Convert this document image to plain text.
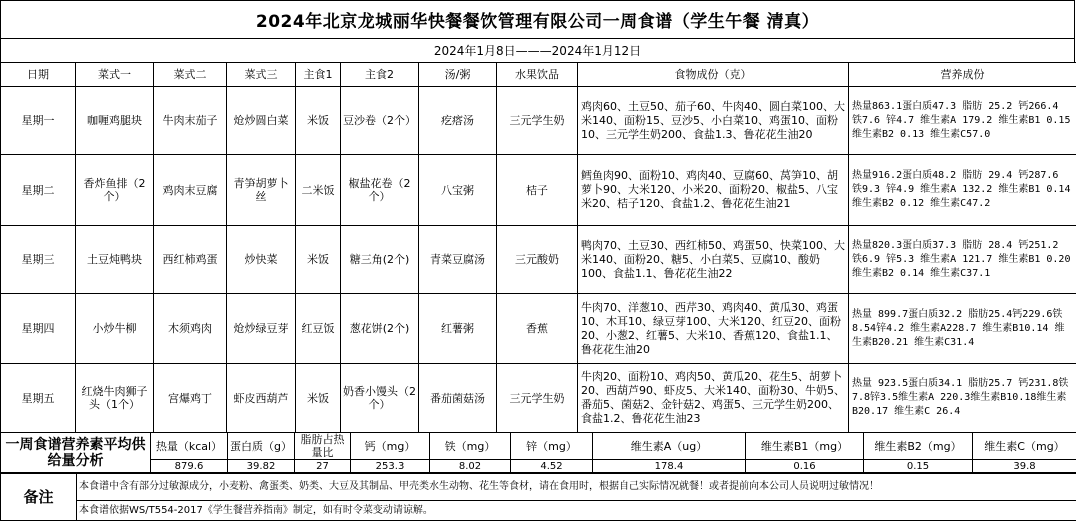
2024年北京龙城丽华快餐餐饮管理有限公司一周食谱（学生午餐 清真）
2024年1月8日———2024年1月12日
日期	菜式一	菜式二	菜式三	主食1	主食2	汤/粥	水果饮品	食物成份（克）	营养成份
星期一	咖喱鸡腿块	牛肉末茄子	炝炒圆白菜	米饭	豆沙卷（2个）	疙瘩汤	三元学生奶	鸡肉60、土豆50、茄子60、牛肉40、圆白菜100、大米140、面粉15、豆沙5、小白菜10、鸡蛋10、面粉10、三元学生奶200、食盐1.3、鲁花花生油20	热量863.1蛋白质47.3 脂肪 25.2 钙266.4 铁7.6 锌4.7 维生素A 179.2 维生素B1 0.15 维生素B2 0.13 维生素C57.0
星期二	香炸鱼排（2个）	鸡肉末豆腐	青笋胡萝卜丝	二米饭	椒盐花卷（2个）	八宝粥	桔子	鳕鱼肉90、面粉10、鸡肉40、豆腐60、莴笋10、胡萝卜90、大米120、小米20、面粉20、椒盐5、八宝米20、桔子120、食盐1.2、鲁花花生油21	热量916.2蛋白质48.2 脂肪 29.4 钙287.6 铁9.3 锌4.9 维生素A 132.2 维生素B1 0.14 维生素B2 0.12 维生素C47.2
星期三	土豆炖鸭块	西红柿鸡蛋	炒快菜	米饭	糖三角(2个)	青菜豆腐汤	三元酸奶	鸭肉70、土豆30、西红柿50、鸡蛋50、快菜100、大米140、面粉20、糖5、小白菜5、豆腐10、酸奶100、食盐1.1、鲁花花生油22	热量820.3蛋白质37.3 脂肪 28.4 钙251.2 铁6.9 锌5.3 维生素A 121.7 维生素B1 0.20 维生素B2 0.14 维生素C37.1
星期四	小炒牛柳	木须鸡肉	炝炒绿豆芽	红豆饭	葱花饼(2个)	红薯粥	香蕉	牛肉70、洋葱10、西芹30、鸡肉40、黄瓜30、鸡蛋10、木耳10、绿豆芽100、大米120、红豆20、面粉20、小葱2、红薯5、大米10、香蕉120、食盐1.1、鲁花花生油20	热量 899.7蛋白质32.2 脂肪25.4钙229.6铁8.54锌4.2 维生素A228.7 维生素B10.14 维生素B20.21 维生素C31.4
星期五	红烧牛肉狮子头（1个）	宫爆鸡丁	虾皮西葫芦	米饭	奶香小馒头（2个）	番茄菌菇汤	三元学生奶	牛肉20、面粉10、鸡肉50、黄瓜20、花生5、胡萝卜20、西葫芦90、虾皮5、大米140、面粉30、牛奶5、番茄5、菌菇2、金针菇2、鸡蛋5、三元学生奶200、食盐1.2、鲁花花生油23	热量 923.5蛋白质34.1 脂肪25.7 钙231.8铁7.8锌3.5维生素A 220.3维生素B10.18维生素B20.17 维生素C 26.4
一周食谱营养素平均供给量分析	热量（kcal）	蛋白质（g）	脂肪占热量比	钙（mg）	铁（mg）	锌（mg）	维生素A（ug）	维生素B1（mg）	维生素B2（mg）	维生素C（mg）
	879.6	39.82	27	253.3	8.02	4.52	178.4	0.16	0.15	39.8
备注	本食谱中含有部分过敏源成分，小麦粉、禽蛋类、奶类、大豆及其制品、甲壳类水生动物、花生等食材，请在食用时，根据自己实际情况就餐！或者提前向本公司人员说明过敏情况！
本食谱依据WS/T554-2017《学生餐营养指南》制定，如有时令菜变动请谅解。
